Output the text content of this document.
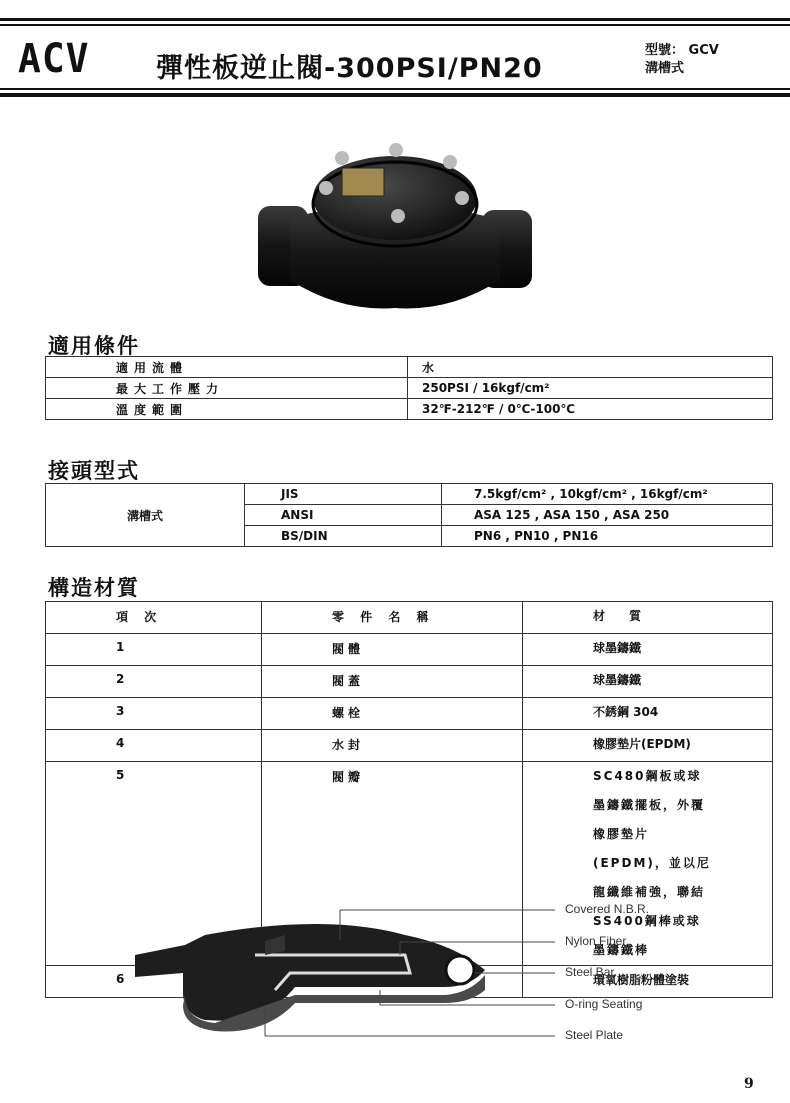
ACV 彈性板逆止閥-300PSI/PN20
型號： GCV
溝槽式
適用條件
適用流體	水
最大工作壓力	250PSI / 16kgf/cm²
溫度範圍	32℉-212℉ / 0℃-100℃
接頭型式
溝槽式	JIS	7.5kgf/cm² , 10kgf/cm² , 16kgf/cm²
	ANSI	ASA 125 , ASA 150 , ASA 250
	BS/DIN	PN6 , PN10 , PN16
構造材質
項 次	零 件 名 稱	材　質
1	閥體	球墨鑄鐵
2	閥蓋	球墨鑄鐵
3	螺栓	不銹鋼 304
4	水封	橡膠墊片(EPDM)
5	閥瓣	SC480鋼板或球墨鑄鐵擺板，外覆橡膠墊片(EPDM)，並以尼龍纖維補強，聯結SS400鋼棒或球墨鑄鐵棒
6		環氧樹脂粉體塗裝
Covered N.B.R.
Nylon Fiber
Steel Bar
O-ring Seating
Steel Plate
9
